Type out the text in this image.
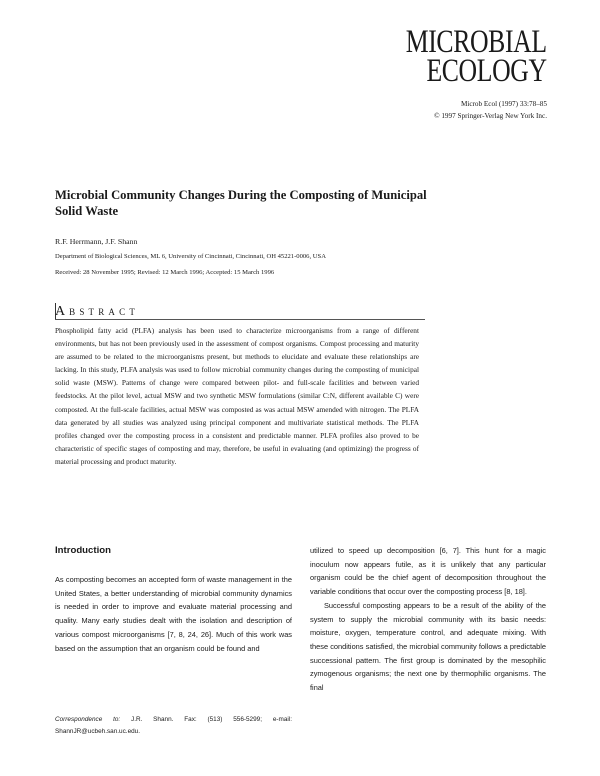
MICROBIAL
ECOLOGY
Microb Ecol (1997) 33:78–85
© 1997 Springer-Verlag New York Inc.
Microbial Community Changes During the Composting of Municipal Solid Waste
R.F. Herrmann, J.F. Shann
Department of Biological Sciences, ML 6, University of Cincinnati, Cincinnati, OH 45221-0006, USA
Received: 28 November 1995; Revised: 12 March 1996; Accepted: 15 March 1996
ABSTRACT
Phospholipid fatty acid (PLFA) analysis has been used to characterize microorganisms from a range of different environments, but has not been previously used in the assessment of compost organisms. Compost processing and maturity are assumed to be related to the microorganisms present, but methods to elucidate and evaluate these relationships are lacking. In this study, PLFA analysis was used to follow microbial community changes during the composting of municipal solid waste (MSW). Patterns of change were compared between pilot- and full-scale facilities and between varied feedstocks. At the pilot level, actual MSW and two synthetic MSW formulations (similar C:N, different available C) were composted. At the full-scale facilities, actual MSW was composted as was actual MSW amended with nitrogen. The PLFA data generated by all studies was analyzed using principal component and multivariate statistical methods. The PLFA profiles changed over the composting process in a consistent and predictable manner. PLFA profiles also proved to be characteristic of specific stages of composting and may, therefore, be useful in evaluating (and optimizing) the progress of material processing and product maturity.
Introduction

As composting becomes an accepted form of waste management in the United States, a better understanding of microbial community dynamics is needed in order to improve and evaluate material processing and quality. Many early studies dealt with the isolation and description of various compost microorganisms [7, 8, 24, 26]. Much of this work was based on the assumption that an organism could be found and

utilized to speed up decomposition [6, 7]. This hunt for a magic inoculum now appears futile, as it is unlikely that any particular organism could be the chief agent of decomposition throughout the variable conditions that occur over the composting process [8, 18].

Successful composting appears to be a result of the ability of the system to supply the microbial community with its basic needs: moisture, oxygen, temperature control, and adequate mixing. With these conditions satisfied, the microbial community follows a predictable successional pattern. The first group is dominated by the mesophilic zymogenous organisms; the next one by thermophilic organisms. The final

Correspondence to: J.R. Shann. Fax: (513) 556-5299; e-mail: ShannJR@ucbeh.san.uc.edu.
